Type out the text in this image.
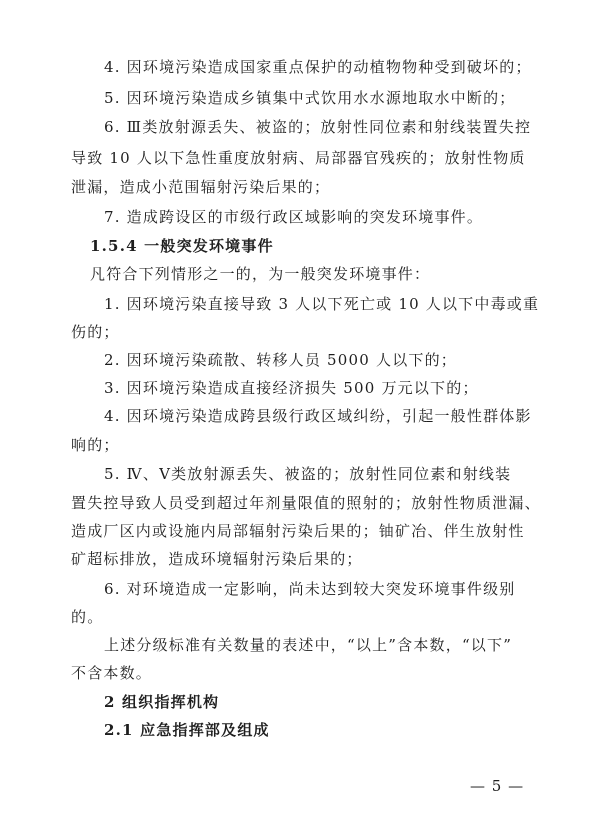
4. 因环境污染造成国家重点保护的动植物物种受到破坏的；
5. 因环境污染造成乡镇集中式饮用水水源地取水中断的；
6. Ⅲ类放射源丢失、被盗的；放射性同位素和射线装置失控
导致 10 人以下急性重度放射病、局部器官残疾的；放射性物质
泄漏，造成小范围辐射污染后果的；
7. 造成跨设区的市级行政区域影响的突发环境事件。
1.5.4 一般突发环境事件
凡符合下列情形之一的，为一般突发环境事件：
1. 因环境污染直接导致 3 人以下死亡或 10 人以下中毒或重
伤的；
2. 因环境污染疏散、转移人员 5000 人以下的；
3. 因环境污染造成直接经济损失 500 万元以下的；
4. 因环境污染造成跨县级行政区域纠纷，引起一般性群体影
响的；
5. Ⅳ、Ⅴ类放射源丢失、被盗的；放射性同位素和射线装
置失控导致人员受到超过年剂量限值的照射的；放射性物质泄漏、
造成厂区内或设施内局部辐射污染后果的；铀矿冶、伴生放射性
矿超标排放，造成环境辐射污染后果的；
6. 对环境造成一定影响，尚未达到较大突发环境事件级别
的。
上述分级标准有关数量的表述中，“以上”含本数，“以下”
不含本数。
2 组织指挥机构
2.1 应急指挥部及组成
— 5 —
